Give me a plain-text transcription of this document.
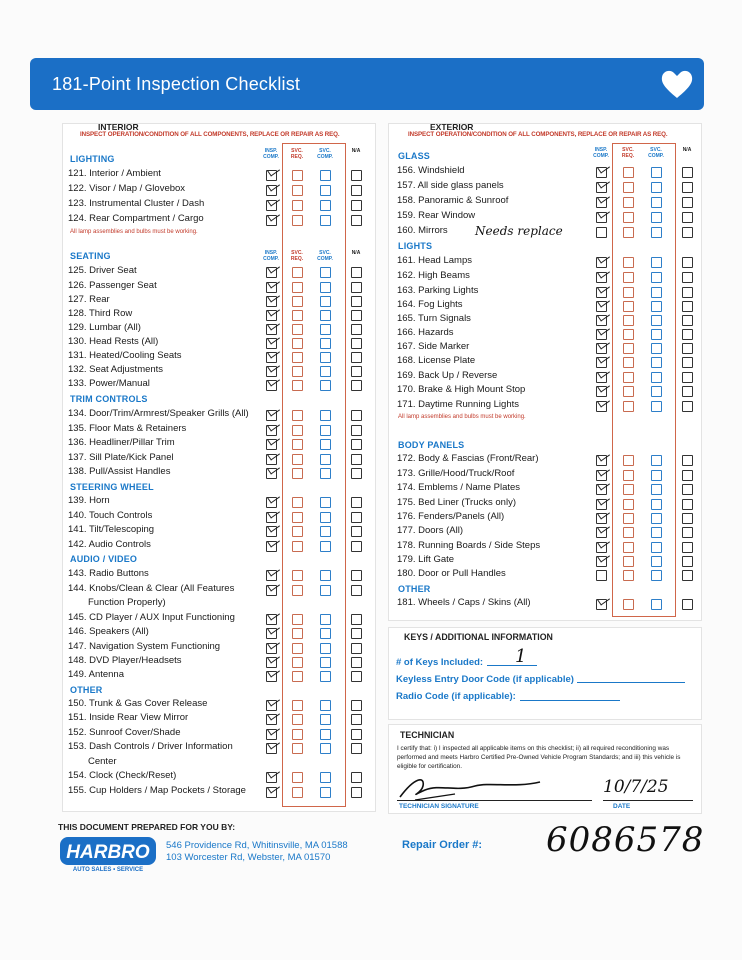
181-Point Inspection Checklist
INTERIOR
INSPECT OPERATION/CONDITION OF ALL COMPONENTS, REPLACE OR REPAIR AS REQ.
LIGHTING
INSP. COMP.
SVC. REQ.
SVC. COMP.
N/A
121. Interior / Ambient
122. Visor / Map / Glovebox
123. Instrumental Cluster / Dash
124. Rear Compartment / Cargo
All lamp assemblies and bulbs must be working.
SEATING	INSP. COMP.
SVC. REQ.
SVC. COMP.
N/A
125. Driver Seat
126. Passenger Seat
127. Rear
128. Third Row
129. Lumbar (All)
130. Head Rests (All)
131. Heated/Cooling Seats
132. Seat Adjustments
133. Power/Manual
TRIM CONTROLS
134. Door/Trim/Armrest/Speaker Grills (All)
135. Floor Mats & Retainers
136. Headliner/Pillar Trim
137. Sill Plate/Kick Panel
138. Pull/Assist Handles
STEERING WHEEL
139. Horn
140. Touch Controls
141. Tilt/Telescoping
142. Audio Controls
AUDIO / VIDEO
143. Radio Buttons
144. Knobs/Clean & Clear (All Features
Function Properly)
145. CD Player / AUX Input Functioning
146. Speakers (All)
147. Navigation System Functioning
148. DVD Player/Headsets
149. Antenna
OTHER
150. Trunk & Gas Cover Release
151. Inside Rear View Mirror
152. Sunroof Cover/Shade
153. Dash Controls / Driver Information
Center
154. Clock (Check/Reset)
155. Cup Holders / Map Pockets / Storage
EXTERIOR
INSPECT OPERATION/CONDITION OF ALL COMPONENTS, REPLACE OR REPAIR AS REQ.
GLASS
INSP. COMP.
SVC. REQ.
SVC. COMP.
N/A
156. Windshield
157. All side glass panels
158. Panoramic & Sunroof
159. Rear Window
160. Mirrors
LIGHTS
161. Head Lamps
162. High Beams
163. Parking Lights
164. Fog Lights
165. Turn Signals
166. Hazards
167. Side Marker
168. License Plate
169. Back Up / Reverse
170. Brake & High Mount Stop
171. Daytime Running Lights
All lamp assemblies and bulbs must be working.
BODY PANELS
172. Body & Fascias (Front/Rear)
173. Grille/Hood/Truck/Roof
174. Emblems / Name Plates
175. Bed Liner (Trucks only)
176. Fenders/Panels (All)
177. Doors (All)
178. Running Boards / Side Steps
179. Lift Gate
180. Door or Pull Handles
OTHER
181. Wheels / Caps / Skins (All)
Needs replace
KEYS / ADDITIONAL INFORMATION
# of Keys Included: 1
Keyless Entry Door Code (if applicable)
Radio Code (if applicable):
TECHNICIAN
I certify that: i) I inspected all applicable items on this checklist; ii) all required reconditioning was performed and meets Harbro Certified Pre-Owned Vehicle Program Standards; and iii) this vehicle is eligible for certification.
TECHNICIAN SIGNATURE	DATE
10/7/25
Repair Order #: 6086578
THIS DOCUMENT PREPARED FOR YOU BY:
HARBRO
AUTO SALES • SERVICE
546 Providence Rd, Whitinsville, MA 01588
103 Worcester Rd, Webster, MA 01570
